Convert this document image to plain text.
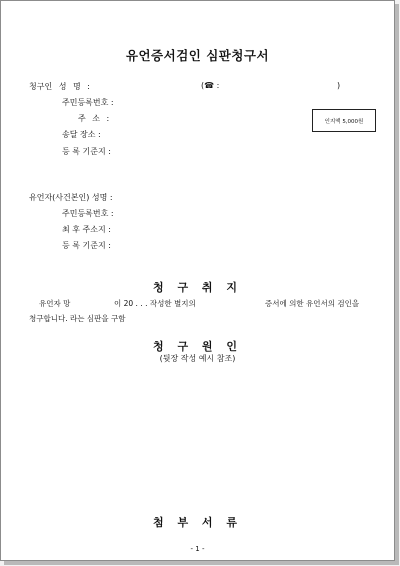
유언증서검인 심판청구서
청구인 성 명 :	(☎ :	)
주민등록번호 :
주 소 :
송달 장소 :
등 록 기준지 :
인지액 5,000원
유언자(사건본인) 성명 :
주민등록번호 :
최 후 주소지 :
등 록 기준지 :
청 구 취 지
유언자 망	이 20 . . . 작성한 별지의	증서에 의한 유언서의 검인을
청구합니다. 라는 심판을 구함
청 구 원 인
(뒷장 작성 예시 참조)
첨 부 서 류
- 1 -
